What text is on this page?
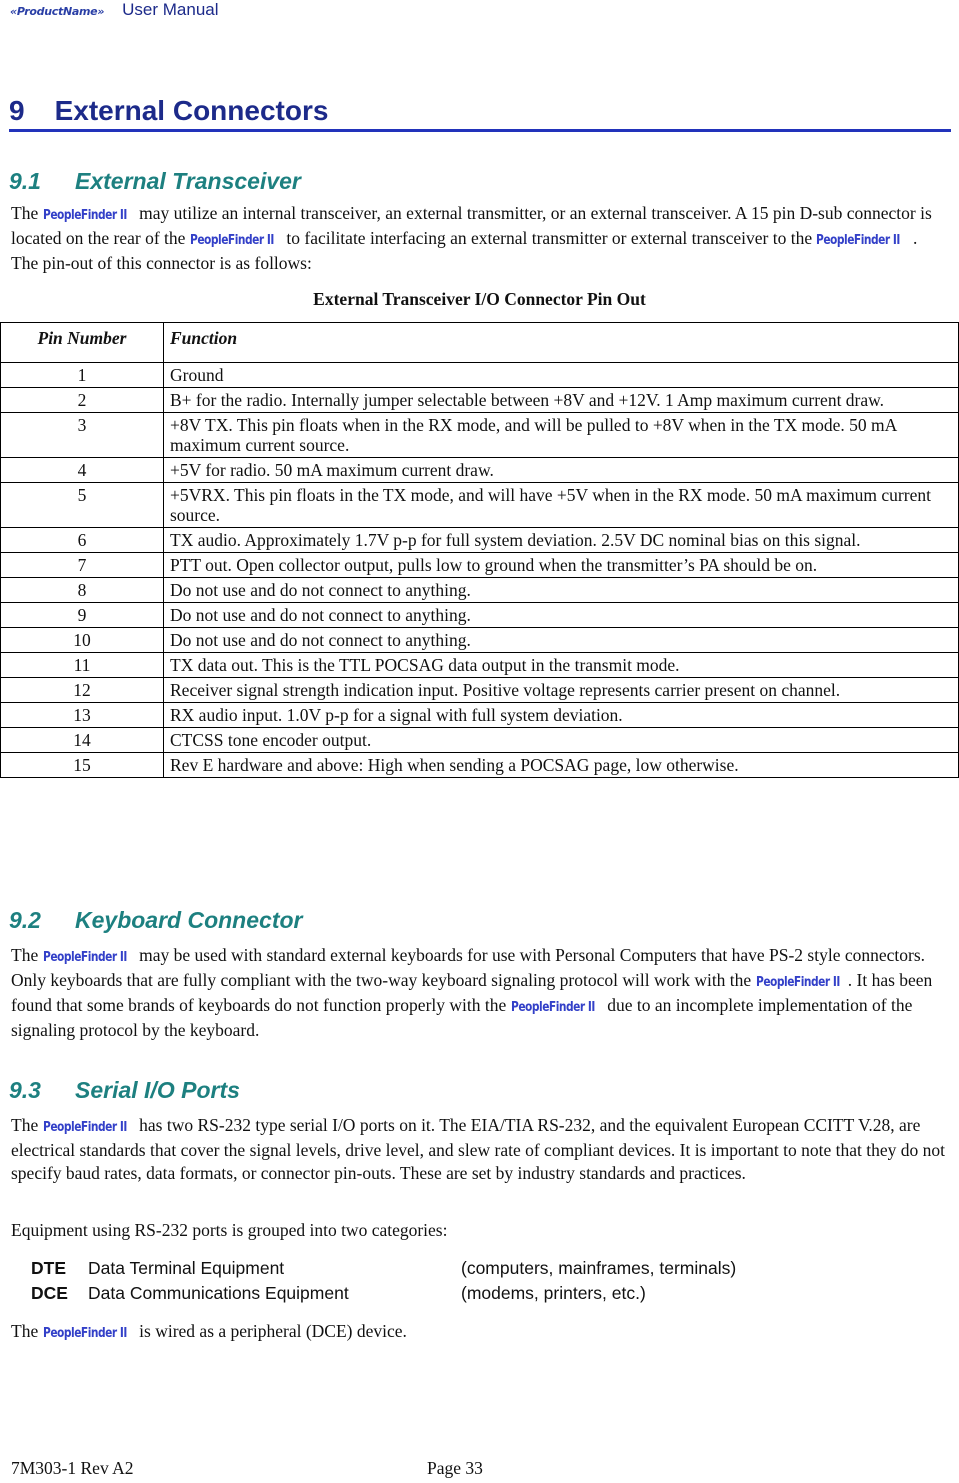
«ProductName» User Manual
9 External Connectors
9.1 External Transceiver
The PeopleFinder II may utilize an internal transceiver, an external transmitter, or an external transceiver. A 15 pin D-sub connector is located on the rear of the PeopleFinder II to facilitate interfacing an external transmitter or external transceiver to the PeopleFinder II . The pin-out of this connector is as follows:
External Transceiver I/O Connector Pin Out
Pin Number	Function
1	Ground
2	B+ for the radio. Internally jumper selectable between +8V and +12V. 1 Amp maximum current draw.
3	+8V TX. This pin floats when in the RX mode, and will be pulled to +8V when in the TX mode. 50 mA maximum current source.
4	+5V for radio. 50 mA maximum current draw.
5	+5VRX. This pin floats in the TX mode, and will have +5V when in the RX mode. 50 mA maximum current source.
6	TX audio. Approximately 1.7V p-p for full system deviation. 2.5V DC nominal bias on this signal.
7	PTT out. Open collector output, pulls low to ground when the transmitter’s PA should be on.
8	Do not use and do not connect to anything.
9	Do not use and do not connect to anything.
10	Do not use and do not connect to anything.
11	TX data out. This is the TTL POCSAG data output in the transmit mode.
12	Receiver signal strength indication input. Positive voltage represents carrier present on channel.
13	RX audio input. 1.0V p-p for a signal with full system deviation.
14	CTCSS tone encoder output.
15	Rev E hardware and above: High when sending a POCSAG page, low otherwise.
9.2 Keyboard Connector
The PeopleFinder II may be used with standard external keyboards for use with Personal Computers that have PS-2 style connectors. Only keyboards that are fully compliant with the two-way keyboard signaling protocol will work with the PeopleFinder II . It has been found that some brands of keyboards do not function properly with the PeopleFinder II due to an incomplete implementation of the signaling protocol by the keyboard.
9.3 Serial I/O Ports
The PeopleFinder II has two RS-232 type serial I/O ports on it. The EIA/TIA RS-232, and the equivalent European CCITT V.28, are electrical standards that cover the signal levels, drive level, and slew rate of compliant devices. It is important to note that they do not specify baud rates, data formats, or connector pin-outs. These are set by industry standards and practices.
Equipment using RS-232 ports is grouped into two categories:
DTE Data Terminal Equipment	(computers, mainframes, terminals)
DCE Data Communications Equipment	(modems, printers, etc.)
The PeopleFinder II is wired as a peripheral (DCE) device.
7M303-1 Rev A2	Page 33
